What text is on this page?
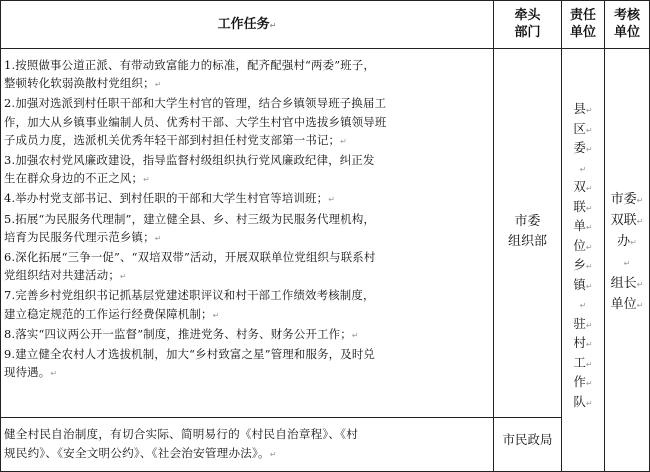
工作任务↵
牵头
部门
责任
单位
考核
单位

1.按照做事公道正派、有带动致富能力的标准，配齐配强村“两委”班子，

整顿转化软弱涣散村党组织；↵

2.加强对选派到村任职干部和大学生村官的管理，结合乡镇领导班子换届工

作，加大从乡镇事业编制人员、优秀村干部、大学生村官中选拔乡镇领导班

子成员力度，选派机关优秀年轻干部到村担任村党支部第一书记；↵

3.加强农村党风廉政建设，指导监督村级组织执行党风廉政纪律，纠正发

生在群众身边的不正之风；↵

4.举办村党支部书记、到村任职的干部和大学生村官等培训班；↵

5.拓展“为民服务代理制”，建立健全县、乡、村三级为民服务代理机构，

培育为民服务代理示范乡镇；↵

6.深化拓展“三争一促”、“双培双带”活动，开展双联单位党组织与联系村

党组织结对共建活动；↵

7.完善乡村党组织书记抓基层党建述职评议和村干部工作绩效考核制度，

建立稳定规范的工作运行经费保障机制；↵

8.落实“四议两公开一监督”制度，推进党务、村务、财务公开工作；↵

9.建立健全农村人才选拔机制，加大“乡村致富之星”管理和服务，及时兑

现待遇。↵

市委
组织部
县↵
区↵
委↵
↵
双↵
联↵
单↵
位↵
乡↵
镇↵
↵
驻↵
村↵
工↵
作↵
队↵
市委↵
双联↵
办↵
↵
组长↵
单位↵

健全村民自治制度，有切合实际、简明易行的《村民自治章程》、《村

规民约》、《安全文明公约》、《社会治安管理办法》。↵

市民政局
